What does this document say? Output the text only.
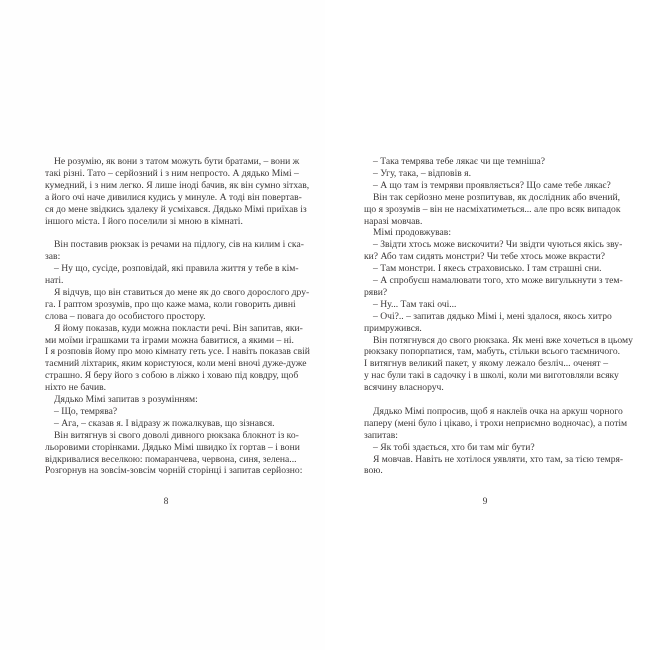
8
Не розумію, як вони з татом можуть бути братами, – вони ж
такі різні. Тато – серйозний і з ним непросто. А дядько Мімі –
кумедний, і з ним легко. Я лише іноді бачив, як він сумно зітхав,
а його очі наче дивилися кудись у минуле. А тоді він повертав-
ся до мене звідкись здалеку й усміхався. Дядько Мімі приїхав із
іншого міста. І його поселили зі мною в кімнаті.
Він поставив рюкзак із речами на підлогу, сів на килим і ска-
зав:
– Ну що, сусіде, розповідай, які правила життя у тебе в кім-
наті.
Я відчув, що він ставиться до мене як до свого дорослого дру-
га. І раптом зрозумів, про що каже мама, коли говорить дивні
слова – повага до особистого простору.
Я йому показав, куди можна покласти речі. Він запитав, яки-
ми моїми іграшками та іграми можна бавитися, а якими – ні.
І я розповів йому про мою кімнату геть усе. І навіть показав свій
таємний ліхтарик, яким користуюся, коли мені вночі дуже-дуже
страшно. Я беру його з собою в ліжко і ховаю під ковдру, щоб
ніхто не бачив.
Дядько Мімі запитав з розумінням:
– Що, темрява?
– Ага, – сказав я. І відразу ж пожалкував, що зізнався.
Він витягнув зі свого доволі дивного рюкзака блокнот із ко-
льоровими сторінками. Дядько Мімі швидко їх гортав – і вони
відкривалися веселкою: помаранчева, червона, синя, зелена...
Розгорнув на зовсім-зовсім чорній сторінці і запитав серйозно:
9
– Така темрява тебе лякає чи ще темніша?
– Угу, така, – відповів я.
– А що там із темряви проявляється? Що саме тебе лякає?
Він так серйозно мене розпитував, як дослідник або вчений,
що я зрозумів – він не насміхатиметься... але про всяк випадок
наразі мовчав.
Мімі продовжував:
– Звідти хтось може вискочити? Чи звідти чуються якісь зву-
ки? Або там сидять монстри? Чи тебе хтось може вкрасти?
– Там монстри. І якесь страховисько. І там страшні сни.
– А спробуєш намалювати того, хто може вигулькнути з тем-
ряви?
– Ну... Там такі очі...
– Очі?.. – запитав дядько Мімі і, мені здалося, якось хитро
примружився.
Він потягнувся до свого рюкзака. Як мені вже хочеться в цьому
рюкзаку попорпатися, там, мабуть, стільки всього таємничого.
І витягнув великий пакет, у якому лежало безліч... оченят –
у нас були такі в садочку і в школі, коли ми виготовляли всяку
всячину власноруч.
Дядько Мімі попросив, щоб я наклеїв очка на аркуш чорного
паперу (мені було і цікаво, і трохи неприємно водночас), а потім
запитав:
– Як тобі здається, хто би там міг бути?
Я мовчав. Навіть не хотілося уявляти, хто там, за тією темря-
вою.
